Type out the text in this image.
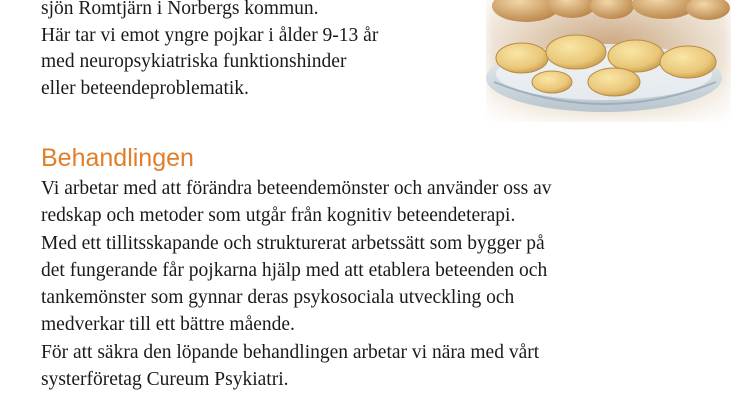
sjön Romtjärn i Norbergs kommun.

Här tar vi emot yngre pojkar i ålder 9-13 år

med neuropsykiatriska funktionshinder

eller beteendeproblematik.

Behandlingen

Vi arbetar med att förändra beteendemönster och använder oss av

redskap och metoder som utgår från kognitiv beteendeterapi.

Med ett tillitsskapande och strukturerat arbetssätt som bygger på

det fungerande får pojkarna hjälp med att etablera beteenden och

tankemönster som gynnar deras psykosociala utveckling och

medverkar till ett bättre mående.

För att säkra den löpande behandlingen arbetar vi nära med vårt

systerföretag Cureum Psykiatri.
